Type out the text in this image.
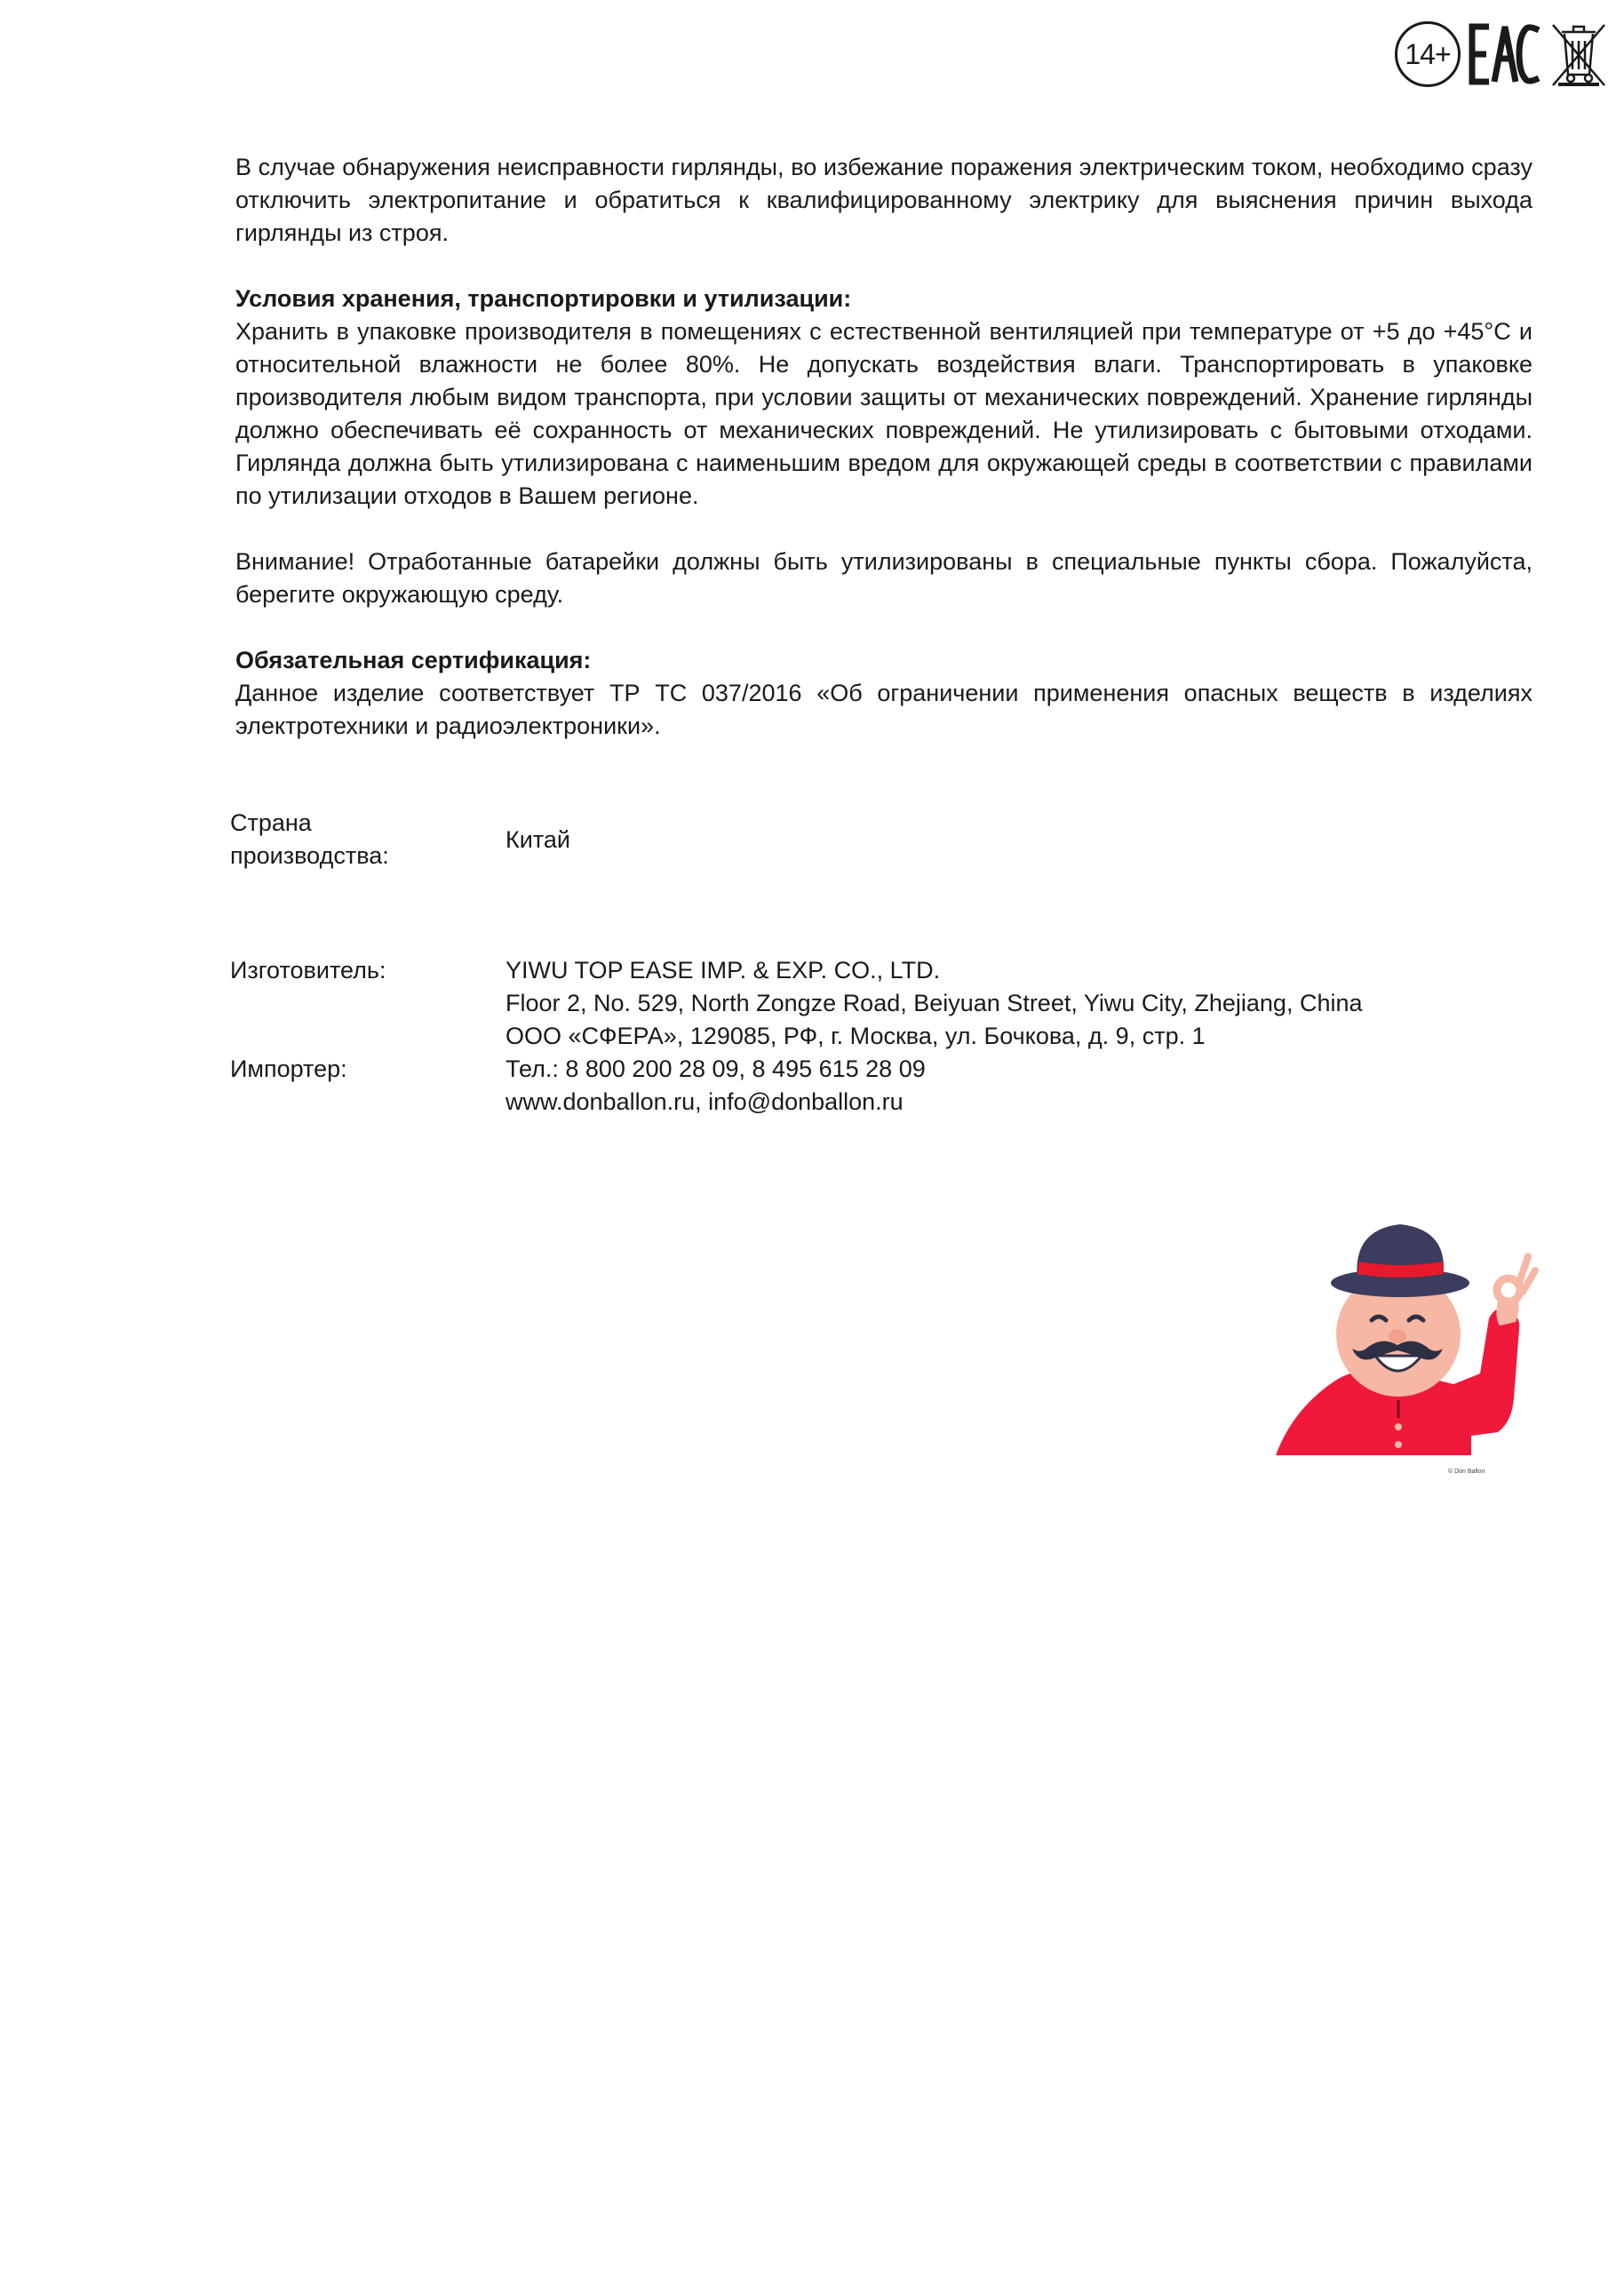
14+

В случае обнаружения неисправности гирлянды, во избежание поражения электрическим током, необходимо сразу отключить электропитание и обратиться к квалифицированному электрику для выяснения причин выхода гирлянды из строя.

Условия хранения, транспортировки и утилизации:

Хранить в упаковке производителя в помещениях с естественной вентиляцией при температуре от +5 до +45°С и относительной влажности не более 80%. Не допускать воздействия влаги. Транспортировать в упаковке производителя любым видом транспорта, при условии защиты от механических повреждений. Хранение гирлянды должно обеспечивать её сохранность от механических повреждений. Не утилизировать с бытовыми отходами. Гирлянда должна быть утилизирована с наименьшим вредом для окружающей среды в соответствии с правилами по утилизации отходов в Вашем регионе.

Внимание! Отработанные батарейки должны быть утилизированы в специальные пункты сбора. Пожалуйста, берегите окружающую среду.

Обязательная сертификация:

Данное изделие соответствует ТР ТС 037/2016 «Об ограничении применения опасных веществ в изделиях электротехники и радиоэлектроники».

Страна
производства:
Китай
Изготовитель:	YIWU TOP EASE IMP. & EXP. CO., LTD.
Floor 2, No. 529, North Zongze Road, Beiyuan Street, Yiwu City, Zhejiang, China
Импортер:
ООО «СФЕРА», 129085, РФ, г. Москва, ул. Бочкова, д. 9, стр. 1
Тел.: 8 800 200 28 09, 8 495 615 28 09
www.donballon.ru, info@donballon.ru
© Don Ballon
